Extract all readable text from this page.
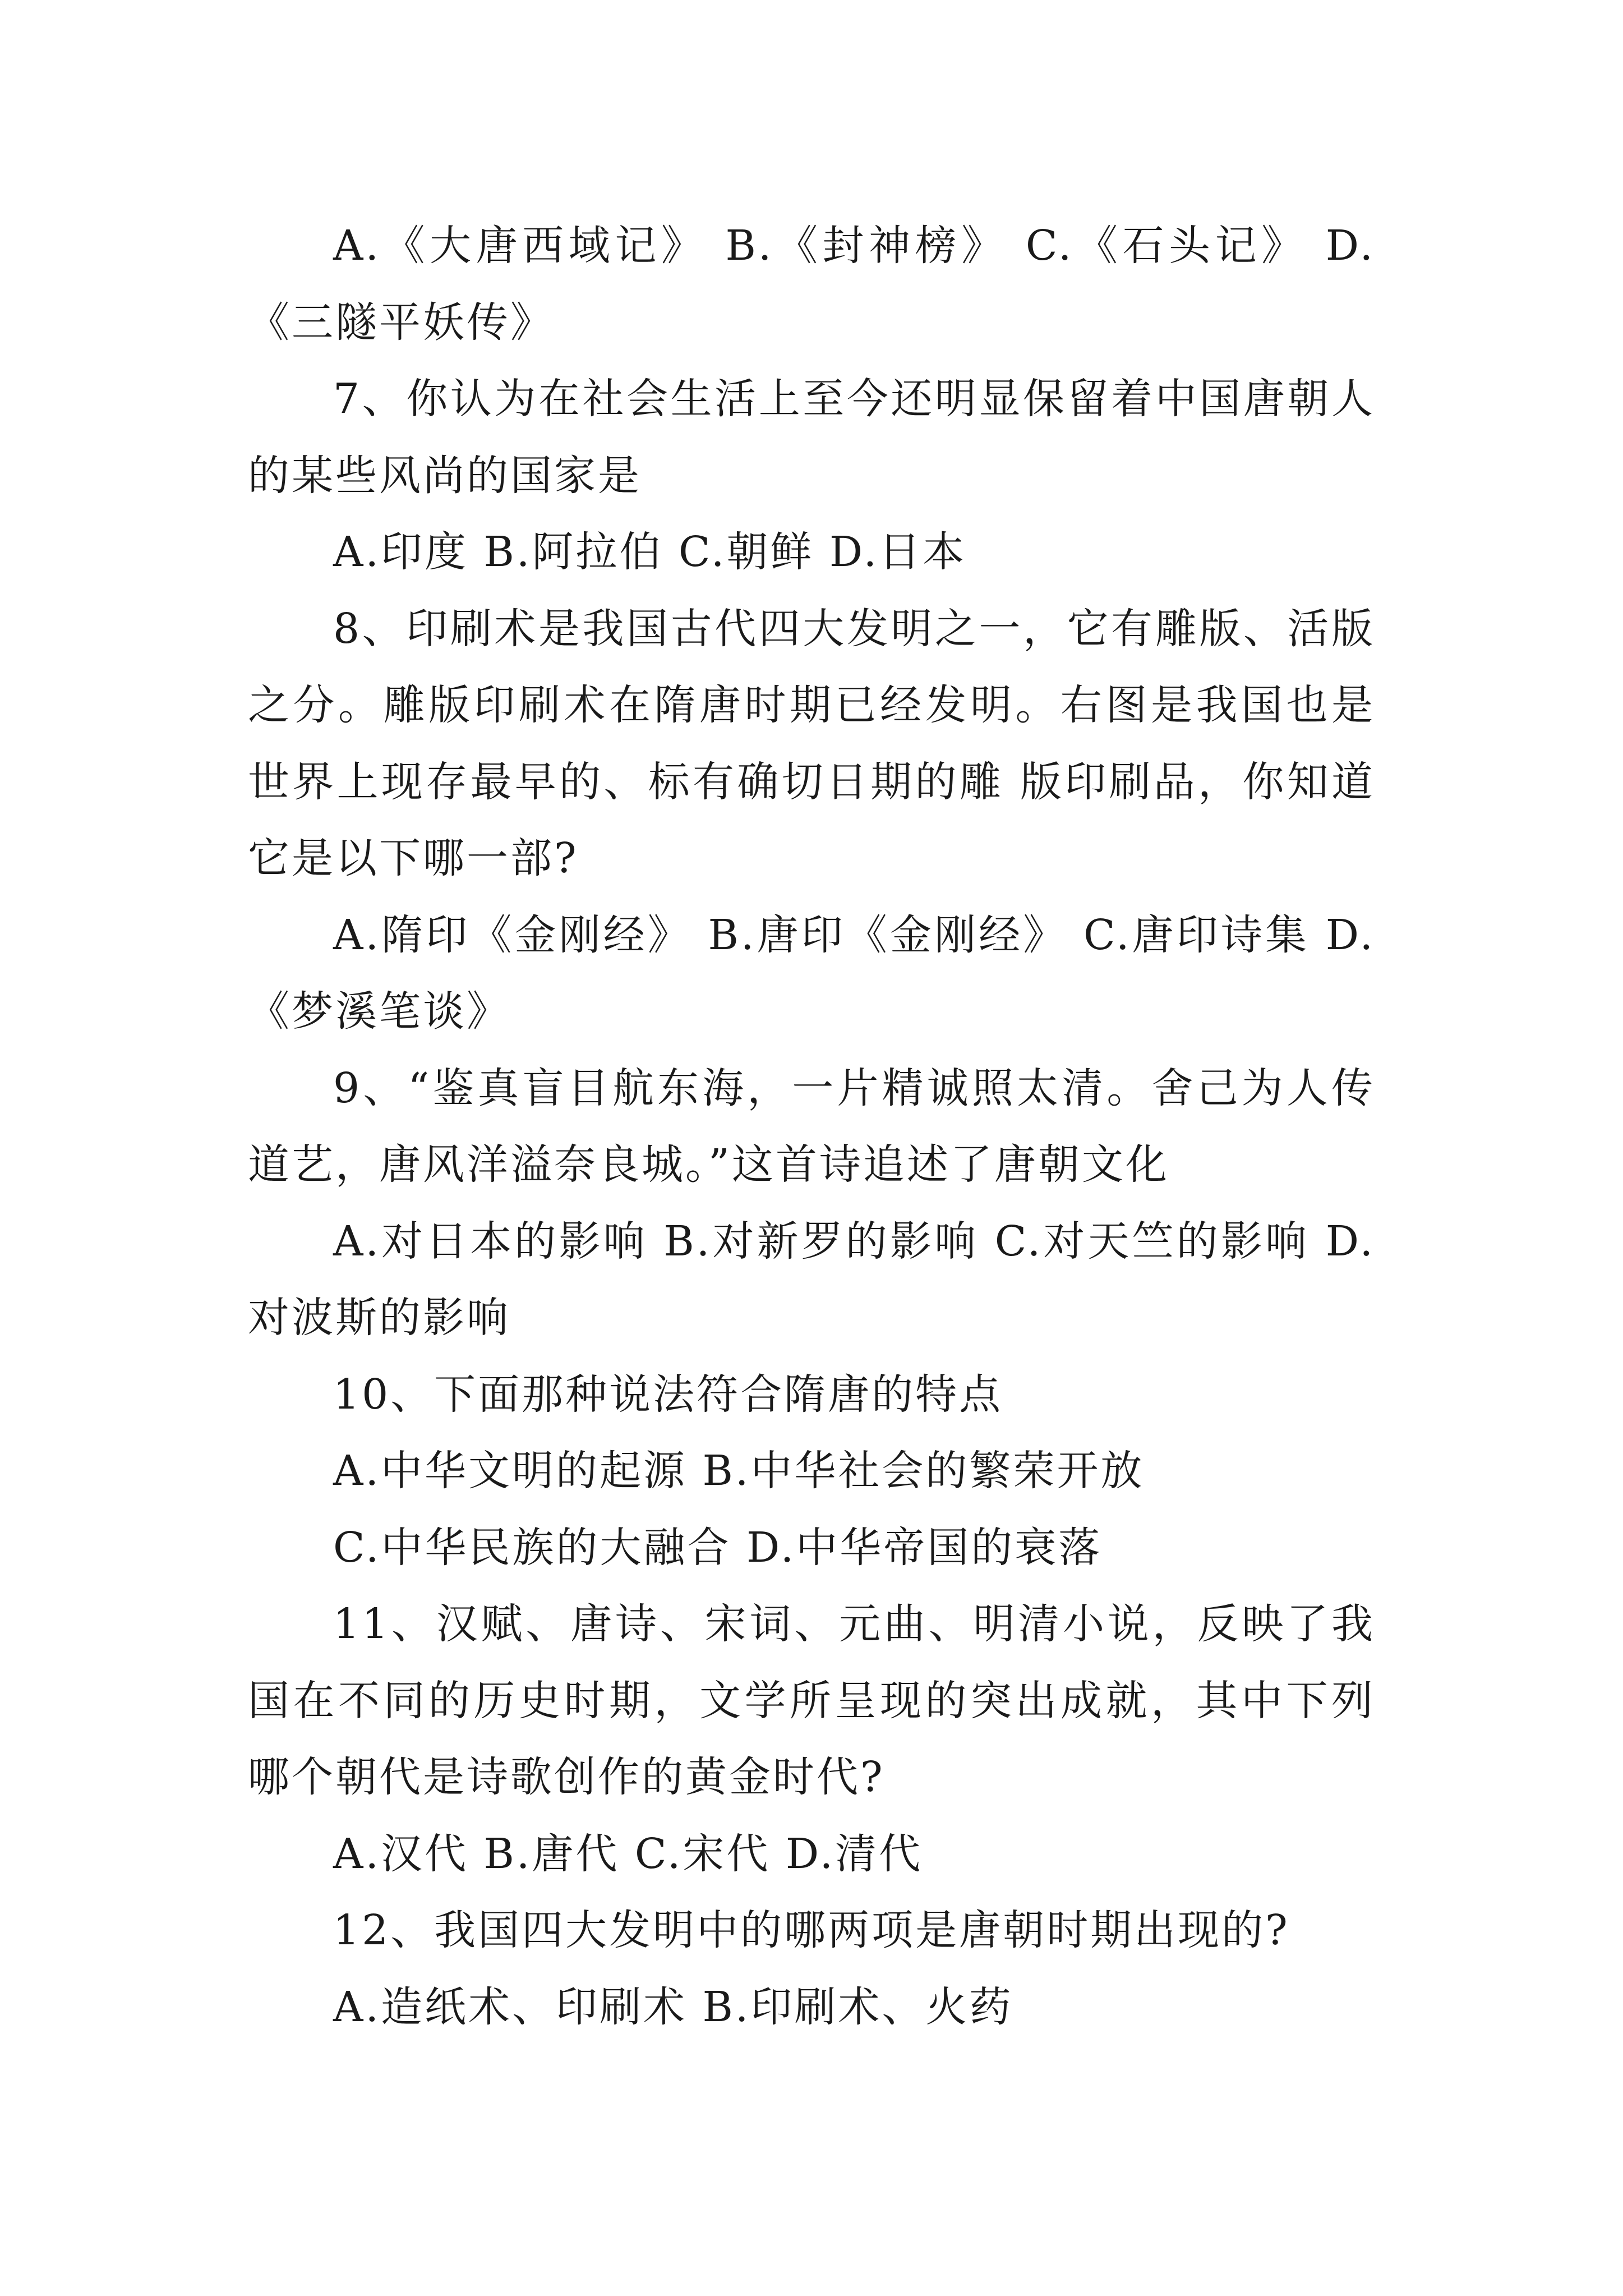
A.《大唐西域记》 B.《封神榜》 C.《石头记》 D.《三隧平妖传》

7、你认为在社会生活上至今还明显保留着中国唐朝人的某些风尚的国家是

A.印度 B.阿拉伯 C.朝鲜 D.日本

8、印刷术是我国古代四大发明之一，它有雕版、活版之分。雕版印刷术在隋唐时期已经发明。右图是我国也是世界上现存最早的、标有确切日期的雕 版印刷品，你知道它是以下哪一部?

A.隋印《金刚经》 B.唐印《金刚经》 C.唐印诗集 D.《梦溪笔谈》

9、“鉴真盲目航东海，一片精诚照太清。舍己为人传道艺，唐风洋溢奈良城。”这首诗追述了唐朝文化

A.对日本的影响 B.对新罗的影响 C.对天竺的影响 D.对波斯的影响

10、下面那种说法符合隋唐的特点

A.中华文明的起源 B.中华社会的繁荣开放

C.中华民族的大融合 D.中华帝国的衰落

11、汉赋、唐诗、宋词、元曲、明清小说，反映了我国在不同的历史时期，文学所呈现的突出成就，其中下列哪个朝代是诗歌创作的黄金时代?

A.汉代 B.唐代 C.宋代 D.清代

12、我国四大发明中的哪两项是唐朝时期出现的?

A.造纸术、印刷术 B.印刷术、火药
